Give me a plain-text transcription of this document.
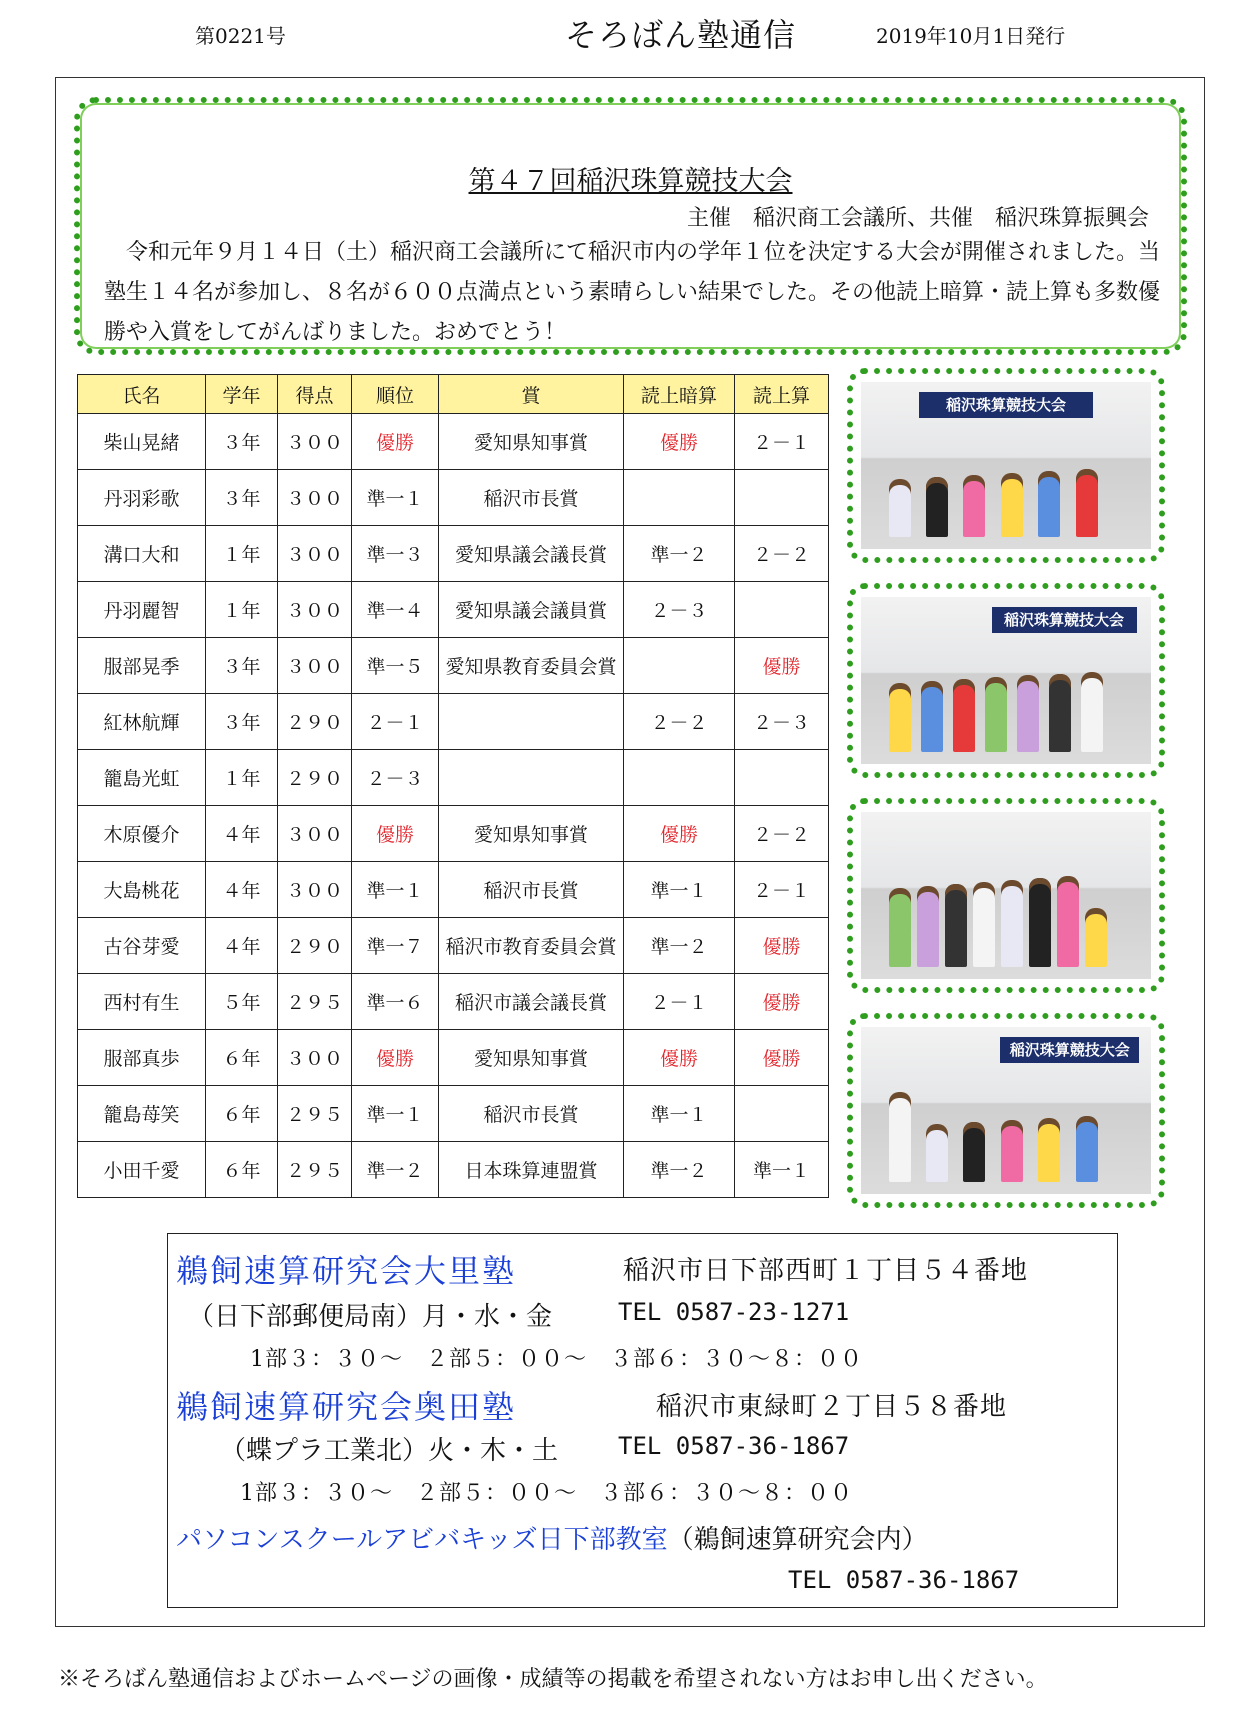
第0221号	そろばん塾通信	2019年10月1日発行
第４７回稲沢珠算競技大会
主催　稲沢商工会議所、共催　稲沢珠算振興会
令和元年９月１４日（土）稲沢商工会議所にて稲沢市内の学年１位を決定する大会が開催されました。当塾生１４名が参加し、８名が６００点満点という素晴らしい結果でした。その他読上暗算・読上算も多数優勝や入賞をしてがんばりました。おめでとう！
氏名	学年	得点	順位	賞	読上暗算	読上算
柴山晃緒	３年	３００	優勝	愛知県知事賞	優勝	２－１
丹羽彩歌	３年	３００	準一１	稲沢市長賞		
溝口大和	１年	３００	準一３	愛知県議会議長賞	準一２	２－２
丹羽麗智	１年	３００	準一４	愛知県議会議員賞	２－３	
服部晃季	３年	３００	準一５	愛知県教育委員会賞		優勝
紅林航輝	３年	２９０	２－１		２－２	２－３
籠島光虹	１年	２９０	２－３			
木原優介	４年	３００	優勝	愛知県知事賞	優勝	２－２
大島桃花	４年	３００	準一１	稲沢市長賞	準一１	２－１
古谷芽愛	４年	２９０	準一７	稲沢市教育委員会賞	準一２	優勝
西村有生	５年	２９５	準一６	稲沢市議会議長賞	２－１	優勝
服部真歩	６年	３００	優勝	愛知県知事賞	優勝	優勝
籠島苺笑	６年	２９５	準一１	稲沢市長賞	準一１	
小田千愛	６年	２９５	準一２	日本珠算連盟賞	準一２	準一１
稲沢珠算競技大会
稲沢珠算競技大会
稲沢珠算競技大会
鵜飼速算研究会大里塾	稲沢市日下部西町１丁目５４番地
（日下部郵便局南）月・水・金	TEL 0587-23-1271
1部３：３０～　２部５：００～　３部６：３０～８：００
鵜飼速算研究会奥田塾	稲沢市東緑町２丁目５８番地
（蝶プラ工業北）火・木・土 TEL 0587-36-1867
1部３：３０～　２部５：００～　３部６：３０～８：００
パソコンスクールアビバキッズ日下部教室（鵜飼速算研究会内）
TEL 0587-36-1867
※そろばん塾通信およびホームページの画像・成績等の掲載を希望されない方はお申し出ください。
